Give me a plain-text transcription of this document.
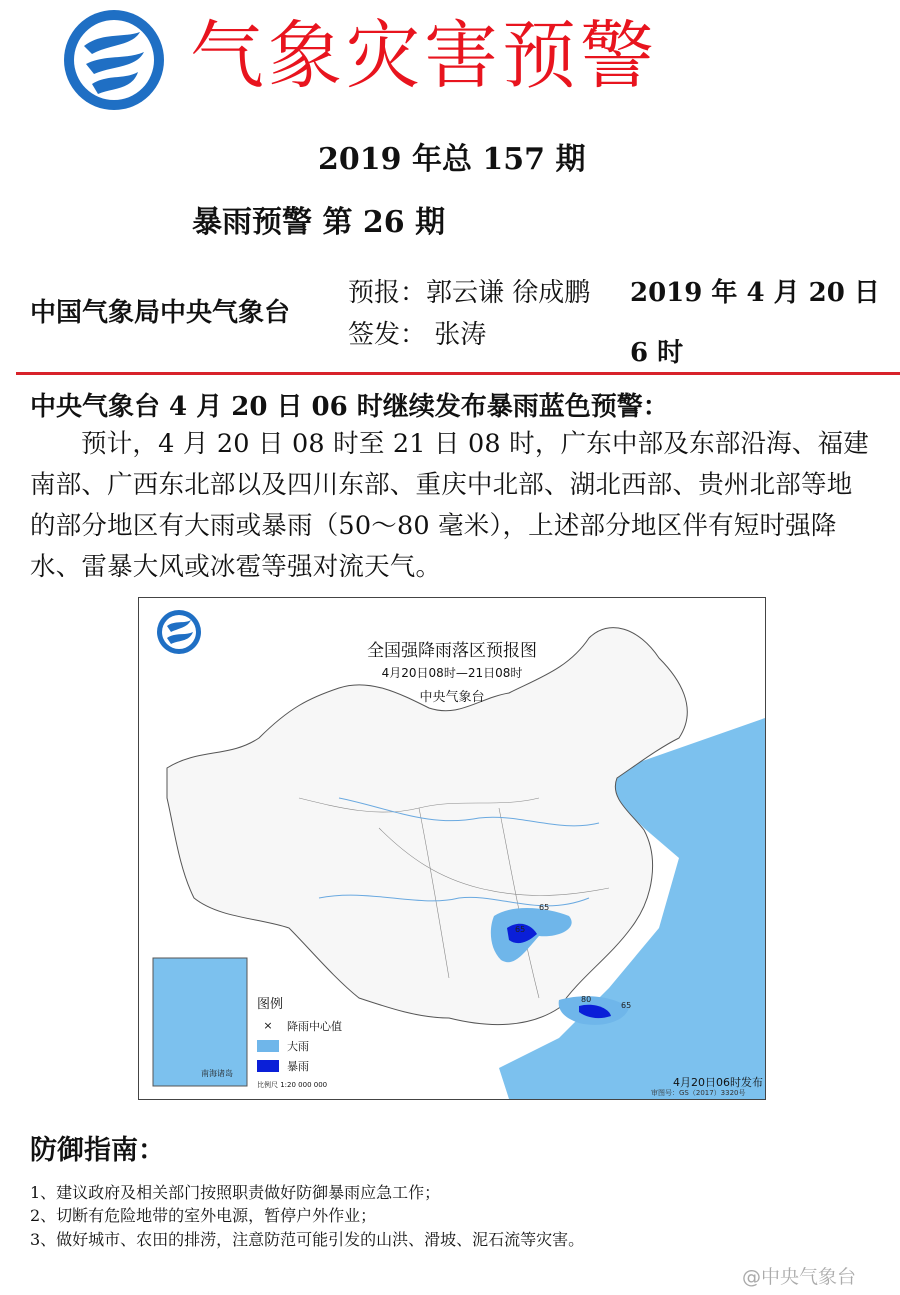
气象灾害预警
2019 年总 157 期
暴雨预警 第 26 期
中国气象局中央气象台
预报：郭云谦 徐成鹏
签发： 张涛
2019 年 4 月 20 日 6 时
中央气象台 4 月 20 日 06 时继续发布暴雨蓝色预警：
预计，4 月 20 日 08 时至 21 日 08 时，广东中部及东部沿海、福建南部、广西东北部以及四川东部、重庆中北部、湖北西部、贵州北部等地的部分地区有大雨或暴雨（50～80 毫米），上述部分地区伴有短时强降水、雷暴大风或冰雹等强对流天气。
65
65
80
65
南海诸岛
全国强降雨落区预报图
4月20日08时—21日08时
中央气象台
图例
×	降雨中心值
大雨
暴雨
比例尺 1:20 000 000	4月20日06时发布
审图号：GS（2017）3320号
防御指南：
1、建议政府及相关部门按照职责做好防御暴雨应急工作；
2、切断有危险地带的室外电源，暂停户外作业；
3、做好城市、农田的排涝，注意防范可能引发的山洪、滑坡、泥石流等灾害。
@中央气象台
